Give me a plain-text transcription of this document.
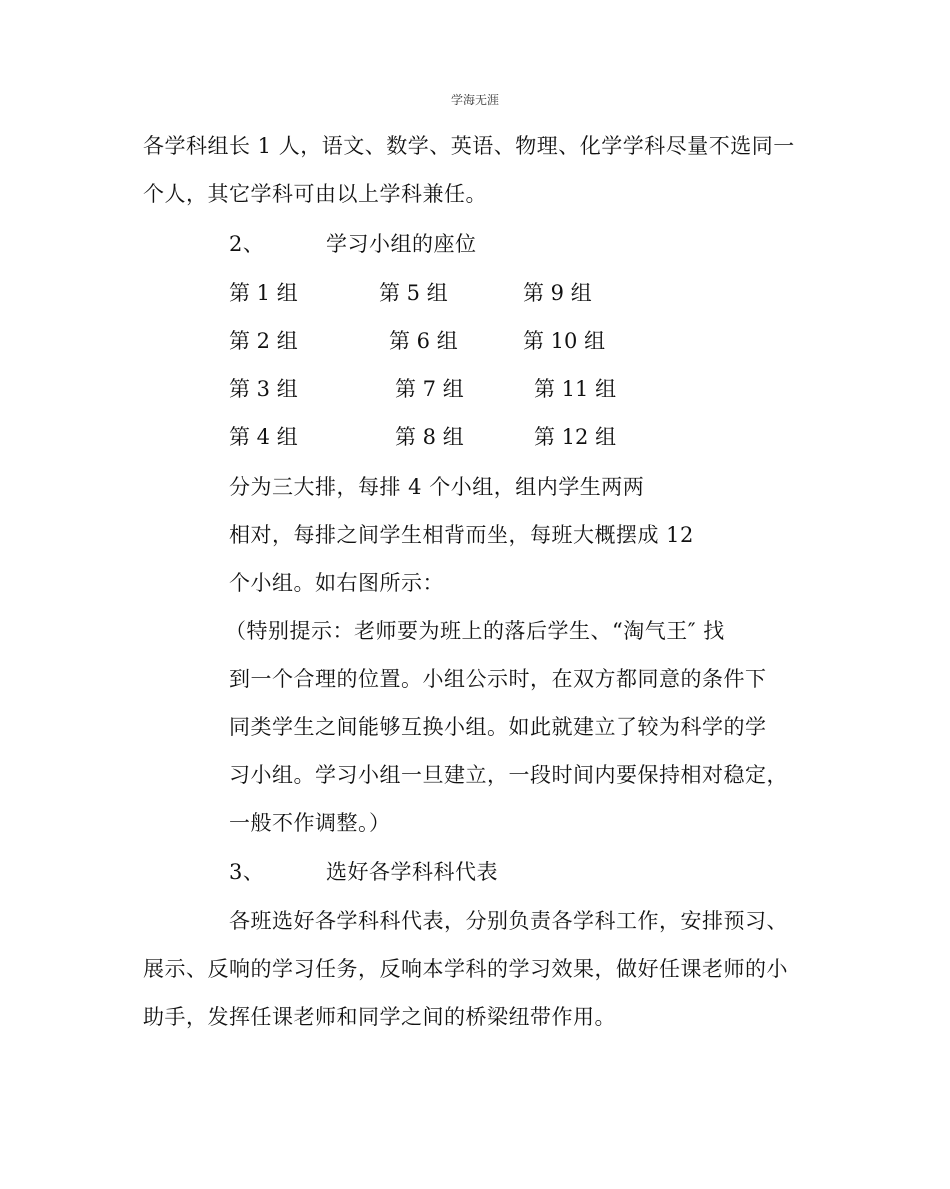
学海无涯
各学科组长 1 人，语文、数学、英语、物理、化学学科尽量不选同一
个人，其它学科可由以上学科兼任。
2、	学习小组的座位
第 1 组	第 5 组	第 9 组
第 2 组	第 6 组	第 10 组
第 3 组	第 7 组	第 11 组
第 4 组	第 8 组	第 12 组
分为三大排，每排 4 个小组，组内学生两两
相对，每排之间学生相背而坐，每班大概摆成 12
个小组。如右图所示：
（特别提示：老师要为班上的落后学生、“淘气王″ 找
到一个合理的位置。小组公示时，在双方都同意的条件下
同类学生之间能够互换小组。如此就建立了较为科学的学
习小组。学习小组一旦建立，一段时间内要保持相对稳定，
一般不作调整。）
3、	选好各学科科代表
各班选好各学科科代表，分别负责各学科工作，安排预习、
展示、反响的学习任务，反响本学科的学习效果，做好任课老师的小
助手，发挥任课老师和同学之间的桥梁纽带作用。
